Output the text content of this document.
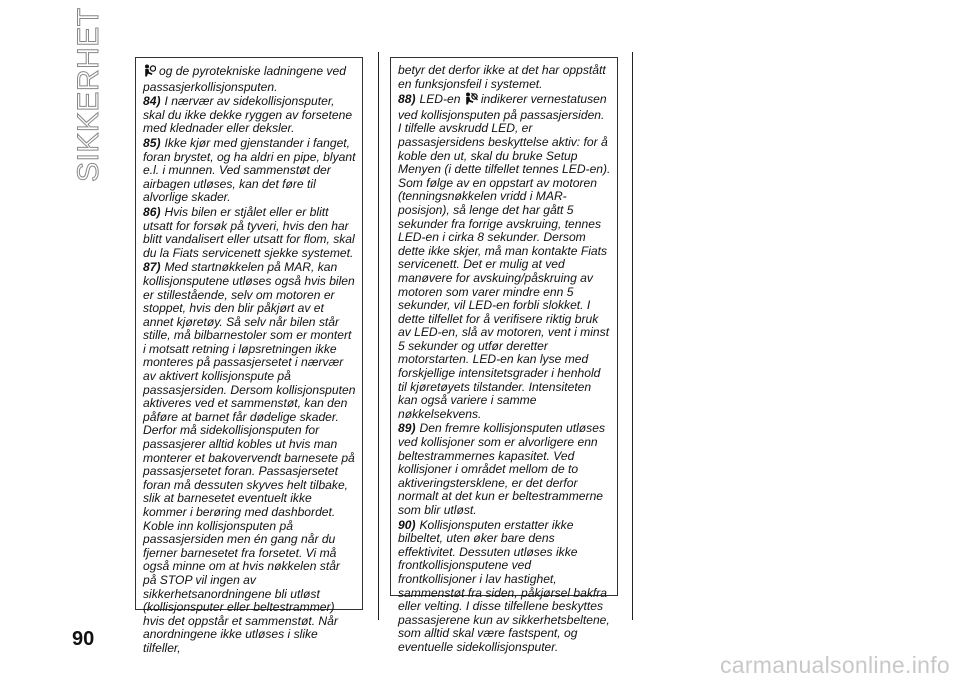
SIKKERHET
90

og de pyrotekniske ladningene ved passasjerkollisjonsputen.

84) I nærvær av sidekollisjonsputer, skal du ikke dekke ryggen av forsetene med klednader eller deksler.

85) Ikke kjør med gjenstander i fanget, foran brystet, og ha aldri en pipe, blyant e.l. i munnen. Ved sammenstøt der airbagen utløses, kan det føre til alvorlige skader.

86) Hvis bilen er stjålet eller er blitt utsatt for forsøk på tyveri, hvis den har blitt vandalisert eller utsatt for flom, skal du la Fiats servicenett sjekke systemet.

87) Med startnøkkelen på MAR, kan kollisjonsputene utløses også hvis bilen er stillestående, selv om motoren er stoppet, hvis den blir påkjørt av et annet kjøretøy. Så selv når bilen står stille, må bilbarnestoler som er montert i motsatt retning i løpsretningen ikke monteres på passasjersetet i nærvær av aktivert kollisjonspute på passasjersiden. Dersom kollisjonsputen aktiveres ved et sammenstøt, kan den påføre at barnet får dødelige skader. Derfor må sidekollisjonsputen for passasjerer alltid kobles ut hvis man monterer et bakovervendt barnesete på passasjersetet foran. Passasjersetet foran må dessuten skyves helt tilbake, slik at barnesetet eventuelt ikke kommer i berøring med dashbordet. Koble inn kollisjonsputen på passasjersiden men én gang når du fjerner barnesetet fra forsetet. Vi må også minne om at hvis nøkkelen står på STOP vil ingen av sikkerhetsanordningene bli utløst (kollisjonsputer eller beltestrammer) hvis det oppstår et sammenstøt. Når anordningene ikke utløses i slike tilfeller,

betyr det derfor ikke at det har oppstått en funksjonsfeil i systemet.

88) LED-en indikerer vernestatusen ved kollisjonsputen på passasjersiden. I tilfelle avskrudd LED, er passasjersidens beskyttelse aktiv: for å koble den ut, skal du bruke Setup Menyen (i dette tilfellet tennes LED-en). Som følge av en oppstart av motoren (tenningsnøkkelen vridd i MAR-posisjon), så lenge det har gått 5 sekunder fra forrige avskruing, tennes LED-en i cirka 8 sekunder. Dersom dette ikke skjer, må man kontakte Fiats servicenett. Det er mulig at ved manøvere for avskuing/påskruing av motoren som varer mindre enn 5 sekunder, vil LED-en forbli slokket. I dette tilfellet for å verifisere riktig bruk av LED-en, slå av motoren, vent i minst 5 sekunder og utfør deretter motorstarten. LED-en kan lyse med forskjellige intensitetsgrader i henhold til kjøretøyets tilstander. Intensiteten kan også variere i samme nøkkelsekvens.

89) Den fremre kollisjonsputen utløses ved kollisjoner som er alvorligere enn beltestrammernes kapasitet. Ved kollisjoner i området mellom de to aktiveringstersklene, er det derfor normalt at det kun er beltestrammerne som blir utløst.

90) Kollisjonsputen erstatter ikke bilbeltet, uten øker bare dens effektivitet. Dessuten utløses ikke frontkollisjonsputene ved frontkollisjoner i lav hastighet, sammenstøt fra siden, påkjørsel bakfra eller velting. I disse tilfellene beskyttes passasjerene kun av sikkerhetsbeltene, som alltid skal være fastspent, og eventuelle sidekollisjonsputer.

carmanualsonline.info
